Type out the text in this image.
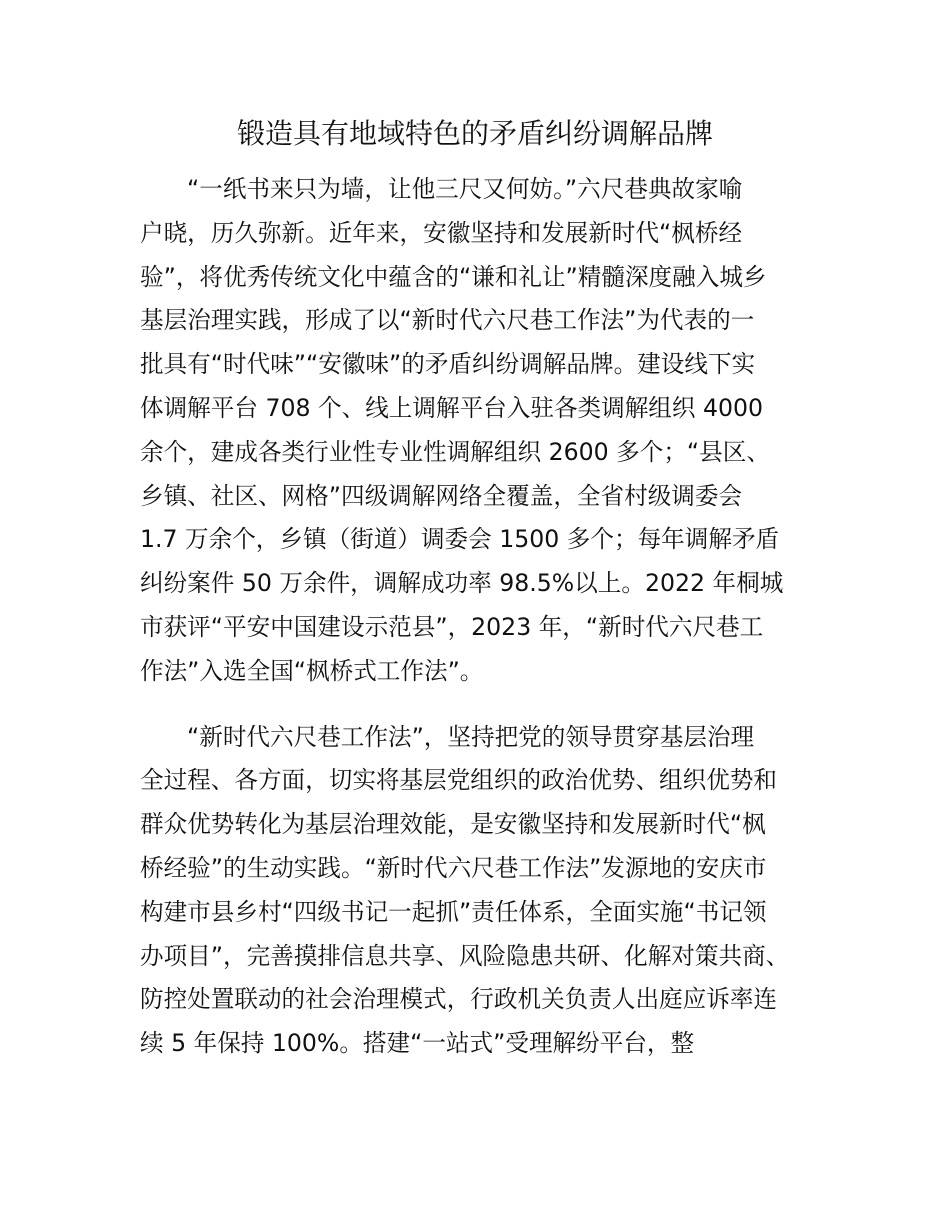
锻造具有地域特色的矛盾纠纷调解品牌

“一纸书来只为墙，让他三尺又何妨。”六尺巷典故家喻
户晓，历久弥新。近年来，安徽坚持和发展新时代“枫桥经
验”，将优秀传统文化中蕴含的“谦和礼让”精髓深度融入城乡
基层治理实践，形成了以“新时代六尺巷工作法”为代表的一
批具有“时代味”“安徽味”的矛盾纠纷调解品牌。建设线下实
体调解平台 708 个、线上调解平台入驻各类调解组织 4000
余个，建成各类行业性专业性调解组织 2600 多个；“县区、
乡镇、社区、网格”四级调解网络全覆盖，全省村级调委会
1.7 万余个，乡镇（街道）调委会 1500 多个；每年调解矛盾
纠纷案件 50 万余件，调解成功率 98.5%以上。2022 年桐城
市获评“平安中国建设示范县”，2023 年，“新时代六尺巷工
作法”入选全国“枫桥式工作法”。

“新时代六尺巷工作法”，坚持把党的领导贯穿基层治理
全过程、各方面，切实将基层党组织的政治优势、组织优势和
群众优势转化为基层治理效能，是安徽坚持和发展新时代“枫
桥经验”的生动实践。“新时代六尺巷工作法”发源地的安庆市
构建市县乡村“四级书记一起抓”责任体系，全面实施“书记领
办项目”，完善摸排信息共享、风险隐患共研、化解对策共商、
防控处置联动的社会治理模式，行政机关负责人出庭应诉率连
续 5 年保持 100%。搭建“一站式”受理解纷平台，整
